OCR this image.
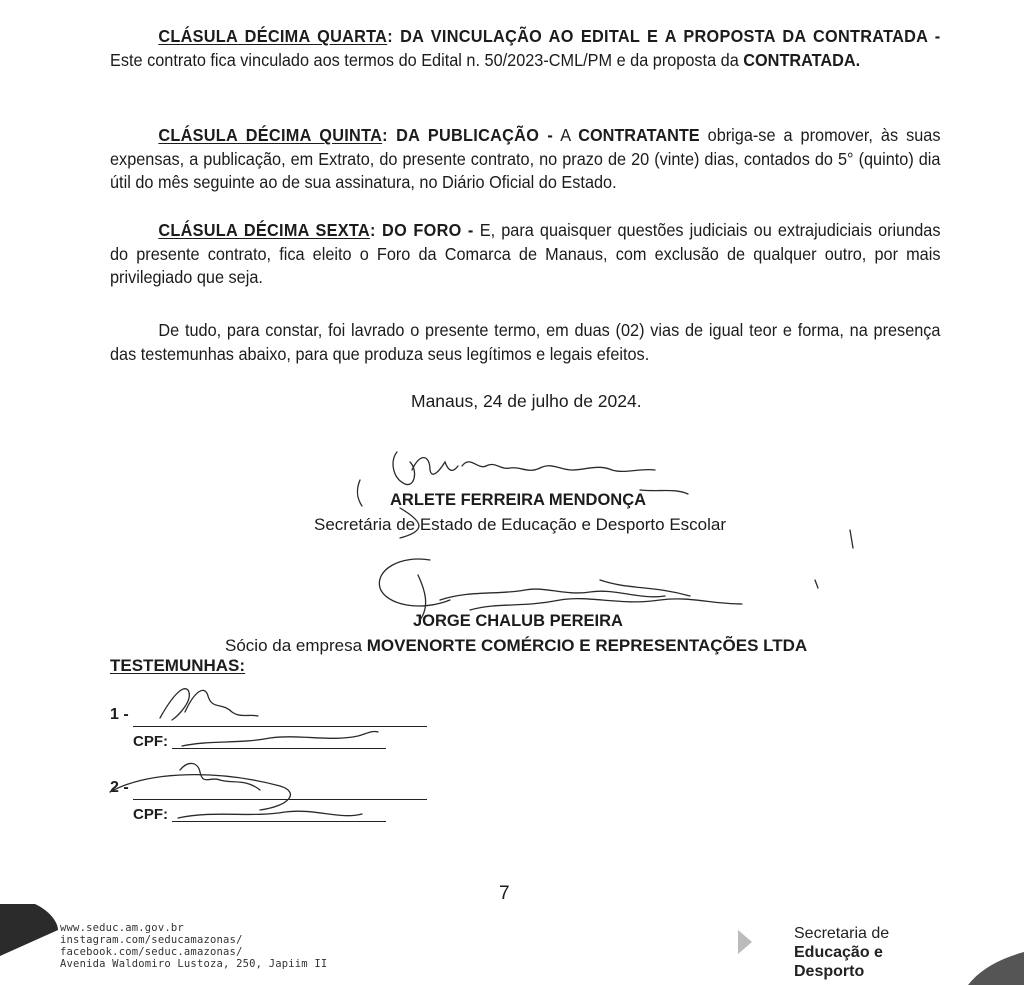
CLÁSULA DÉCIMA QUARTA: DA VINCULAÇÃO AO EDITAL E A PROPOSTA DA CONTRATADA - Este contrato fica vinculado aos termos do Edital n. 50/2023-CML/PM e da proposta da CONTRATADA.

CLÁSULA DÉCIMA QUINTA: DA PUBLICAÇÃO - A CONTRATANTE obriga-se a promover, às suas expensas, a publicação, em Extrato, do presente contrato, no prazo de 20 (vinte) dias, contados do 5° (quinto) dia útil do mês seguinte ao de sua assinatura, no Diário Oficial do Estado.

CLÁSULA DÉCIMA SEXTA: DO FORO - E, para quaisquer questões judiciais ou extrajudiciais oriundas do presente contrato, fica eleito o Foro da Comarca de Manaus, com exclusão de qualquer outro, por mais privilegiado que seja.

De tudo, para constar, foi lavrado o presente termo, em duas (02) vias de igual teor e forma, na presença das testemunhas abaixo, para que produza seus legítimos e legais efeitos.

Manaus, 24 de julho de 2024.
ARLETE FERREIRA MENDONÇA
Secretária de Estado de Educação e Desporto Escolar
JORGE CHALUB PEREIRA
Sócio da empresa MOVENORTE COMÉRCIO E REPRESENTAÇÕES LTDA
TESTEMUNHAS:
1 -
CPF:
2 -
CPF:
7
www.seduc.am.gov.br
instagram.com/seducamazonas/
facebook.com/seduc.amazonas/
Avenida Waldomiro Lustoza, 250, Japiim II
Secretaria de
Educação e
Desporto
